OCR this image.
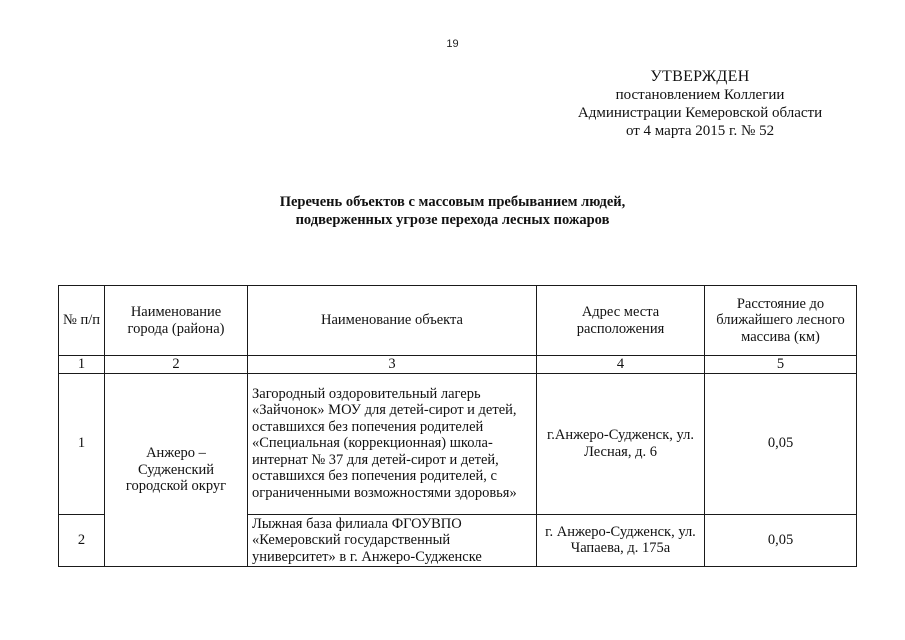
19
УТВЕРЖДЕН
постановлением Коллегии
Администрации Кемеровской области
от 4 марта 2015 г. № 52
Перечень объектов с массовым пребыванием людей,
подверженных угрозе перехода лесных пожаров
№ п/п	Наименование города (района)	Наименование объекта	Адрес места расположения	Расстояние до ближайшего лесного массива (км)
1	2	3	4	5
1	Анжеро – Судженский городской округ	Загородный оздоровительный лагерь «Зайчонок» МОУ для детей-сирот и детей, оставшихся без попечения родителей «Специальная (коррекционная) школа-интернат № 37 для детей-сирот и детей, оставшихся без попечения родителей, с ограниченными возможностями здоровья»	г.Анжеро-Судженск, ул. Лесная, д. 6	0,05
2		Лыжная база филиала ФГОУВПО «Кемеровский государственный университет» в г. Анжеро-Судженске	г. Анжеро-Судженск, ул. Чапаева, д. 175а	0,05
